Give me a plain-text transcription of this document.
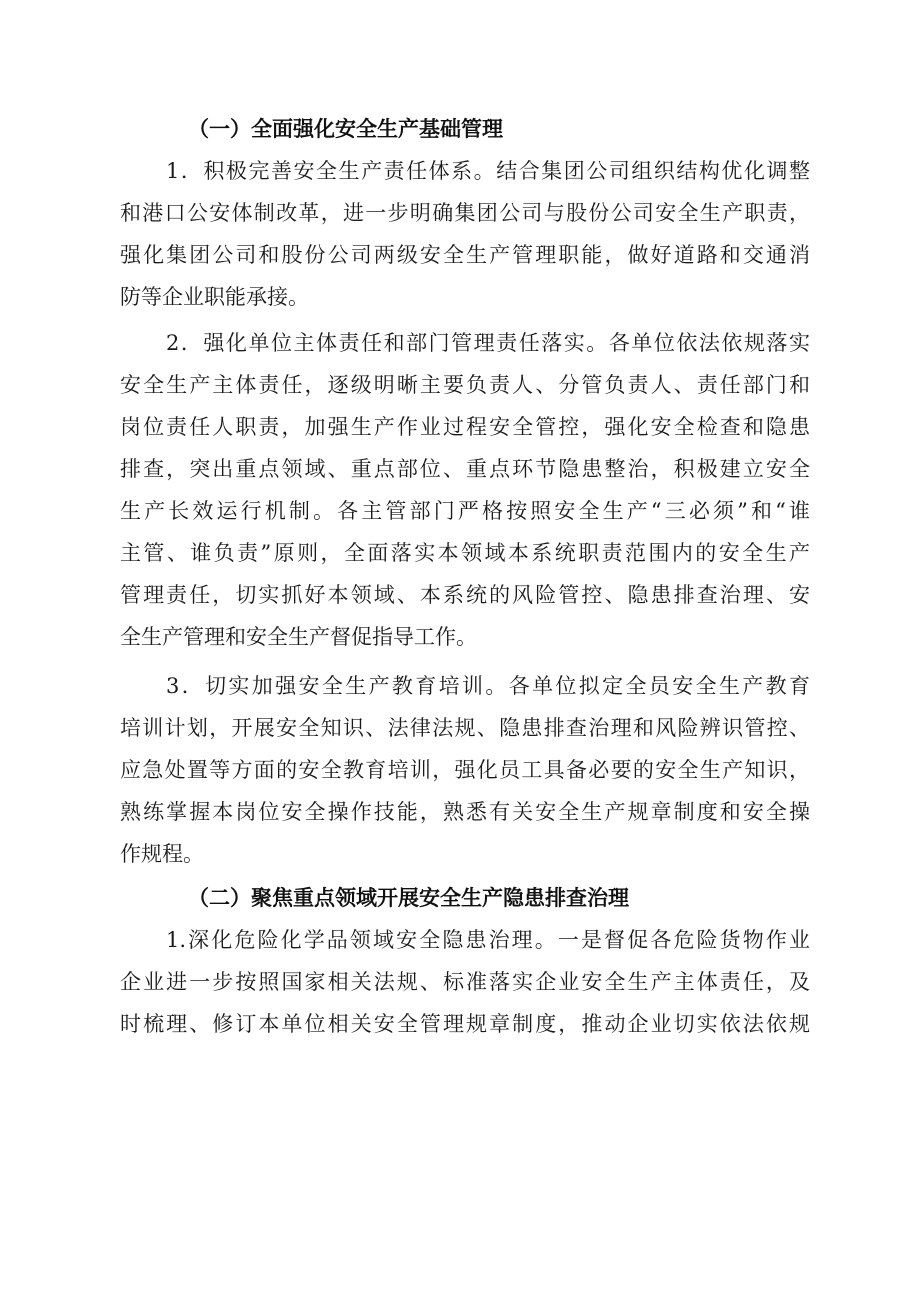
（一）全面强化安全生产基础管理
1．积极完善安全生产责任体系。结合集团公司组织结构优化调整
和港口公安体制改革，进一步明确集团公司与股份公司安全生产职责，
强化集团公司和股份公司两级安全生产管理职能，做好道路和交通消
防等企业职能承接。
2．强化单位主体责任和部门管理责任落实。各单位依法依规落实
安全生产主体责任，逐级明晰主要负责人、分管负责人、责任部门和
岗位责任人职责，加强生产作业过程安全管控，强化安全检查和隐患
排查，突出重点领域、重点部位、重点环节隐患整治，积极建立安全
生产长效运行机制。各主管部门严格按照安全生产“三必须”和“谁
主管、谁负责”原则，全面落实本领域本系统职责范围内的安全生产
管理责任，切实抓好本领域、本系统的风险管控、隐患排查治理、安
全生产管理和安全生产督促指导工作。
3．切实加强安全生产教育培训。各单位拟定全员安全生产教育
培训计划，开展安全知识、法律法规、隐患排查治理和风险辨识管控、
应急处置等方面的安全教育培训，强化员工具备必要的安全生产知识，
熟练掌握本岗位安全操作技能，熟悉有关安全生产规章制度和安全操
作规程。
（二）聚焦重点领域开展安全生产隐患排查治理
1.深化危险化学品领域安全隐患治理。一是督促各危险货物作业
企业进一步按照国家相关法规、标准落实企业安全生产主体责任，及
时梳理、修订本单位相关安全管理规章制度，推动企业切实依法依规
